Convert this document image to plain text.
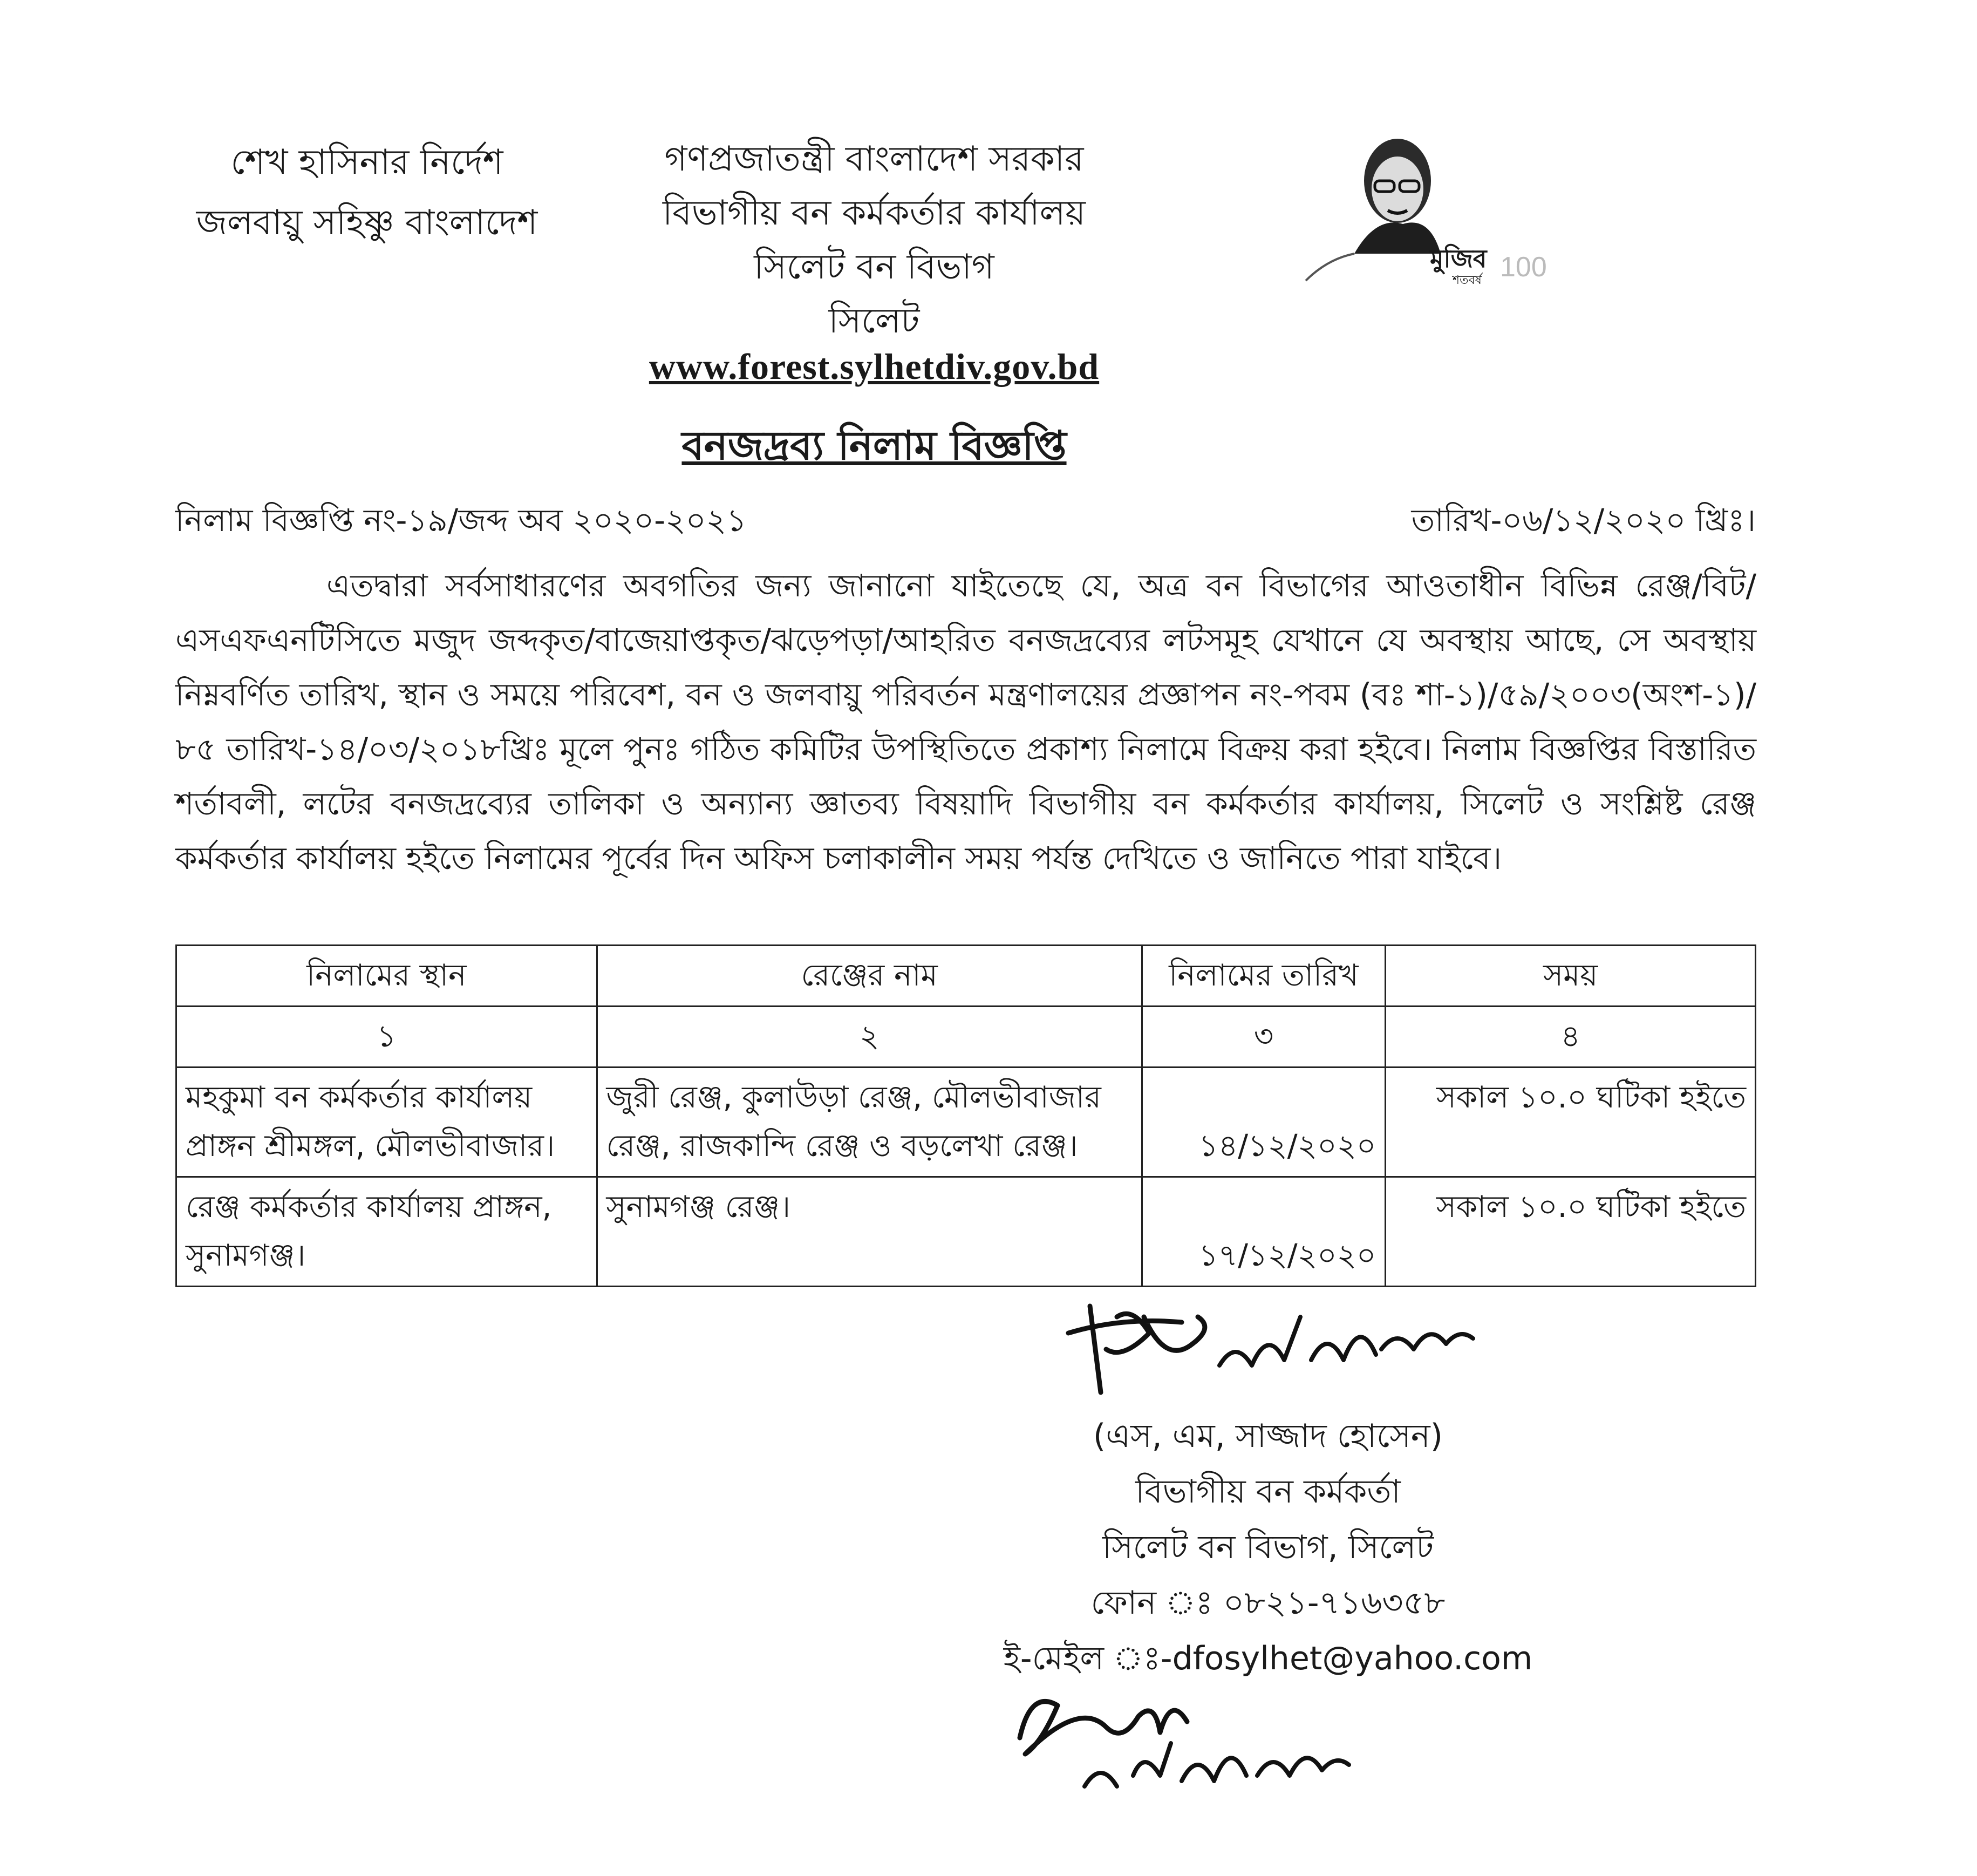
শেখ হাসিনার নির্দেশ
জলবায়ু সহিষ্ণু বাংলাদেশ
গণপ্রজাতন্ত্রী বাংলাদেশ সরকার
বিভাগীয় বন কর্মকর্তার কার্যালয়
সিলেট বন বিভাগ
সিলেট
মুজিব
শতবর্ষ 100
www.forest.sylhetdiv.gov.bd
বনজদ্রব্য নিলাম বিজ্ঞপ্তি
নিলাম বিজ্ঞপ্তি নং-১৯/জব্দ অব ২০২০-২০২১	তারিখ-০৬/১২/২০২০ খ্রিঃ।
এতদ্বারা সর্বসাধারণের অবগতির জন্য জানানো যাইতেছে যে, অত্র বন বিভাগের আওতাধীন বিভিন্ন রেঞ্জ/বিট/এসএফএনটিসিতে মজুদ জব্দকৃত/বাজেয়াপ্তকৃত/ঝড়েপড়া/আহরিত বনজদ্রব্যের লটসমূহ যেখানে যে অবস্থায় আছে, সে অবস্থায় নিম্নবর্ণিত তারিখ, স্থান ও সময়ে পরিবেশ, বন ও জলবায়ু পরিবর্তন মন্ত্রণালয়ের প্রজ্ঞাপন নং-পবম (বঃ শা-১)/৫৯/২০০৩(অংশ-১)/৮৫ তারিখ-১৪/০৩/২০১৮খ্রিঃ মূলে পুনঃ গঠিত কমিটির উপস্থিতিতে প্রকাশ্য নিলামে বিক্রয় করা হইবে। নিলাম বিজ্ঞপ্তির বিস্তারিত শর্তাবলী, লটের বনজদ্রব্যের তালিকা ও অন্যান্য জ্ঞাতব্য বিষয়াদি বিভাগীয় বন কর্মকর্তার কার্যালয়, সিলেট ও সংশ্লিষ্ট রেঞ্জ কর্মকর্তার কার্যালয় হইতে নিলামের পূর্বের দিন অফিস চলাকালীন সময় পর্যন্ত দেখিতে ও জানিতে পারা যাইবে।
নিলামের স্থান	রেঞ্জের নাম	নিলামের তারিখ	সময়
১	২	৩	৪
মহকুমা বন কর্মকর্তার কার্যালয় প্রাঙ্গন শ্রীমঙ্গল, মৌলভীবাজার।	জুরী রেঞ্জ, কুলাউড়া রেঞ্জ, মৌলভীবাজার রেঞ্জ, রাজকান্দি রেঞ্জ ও বড়লেখা রেঞ্জ।	১৪/১২/২০২০	সকাল ১০.০ ঘটিকা হইতে
রেঞ্জ কর্মকর্তার কার্যালয় প্রাঙ্গন, সুনামগঞ্জ।	সুনামগঞ্জ রেঞ্জ।	১৭/১২/২০২০	সকাল ১০.০ ঘটিকা হইতে
(এস, এম, সাজ্জাদ হোসেন)
বিভাগীয় বন কর্মকর্তা
সিলেট বন বিভাগ, সিলেট
ফোন ঃ ০৮২১-৭১৬৩৫৮
ই-মেইল ঃ-dfosylhet@yahoo.com
